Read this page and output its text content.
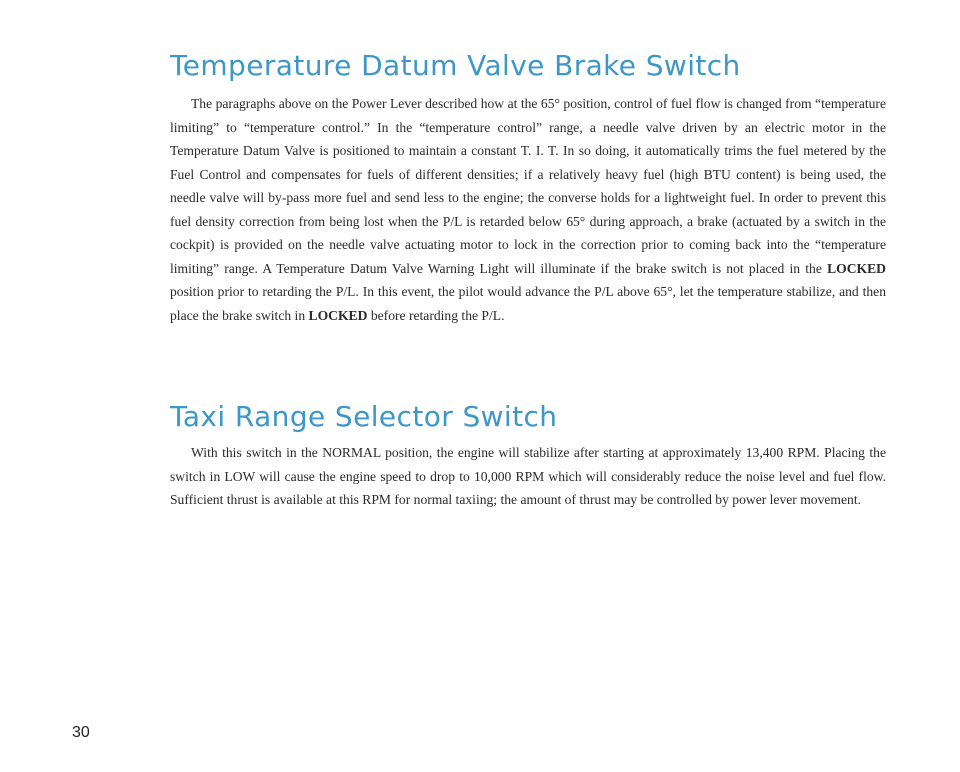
Temperature Datum Valve Brake Switch

The paragraphs above on the Power Lever described how at the 65° position, control of fuel flow is changed from “temperature limiting” to “temperature control.” In the “temperature control” range, a needle valve driven by an electric motor in the Temperature Datum Valve is positioned to maintain a constant T. I. T. In so doing, it automatically trims the fuel metered by the Fuel Control and compensates for fuels of different densities; if a relatively heavy fuel (high BTU content) is being used, the needle valve will by-pass more fuel and send less to the engine; the converse holds for a lightweight fuel. In order to prevent this fuel density correction from being lost when the P/L is retarded below 65° during approach, a brake (actuated by a switch in the cockpit) is provided on the needle valve actuating motor to lock in the correction prior to coming back into the “temperature limiting” range. A Temperature Datum Valve Warning Light will illuminate if the brake switch is not placed in the LOCKED position prior to retarding the P/L. In this event, the pilot would advance the P/L above 65°, let the temperature stabilize, and then place the brake switch in LOCKED before retarding the P/L.

Taxi Range Selector Switch

With this switch in the NORMAL position, the engine will stabilize after starting at approximately 13,400 RPM. Placing the switch in LOW will cause the engine speed to drop to 10,000 RPM which will considerably reduce the noise level and fuel flow. Sufficient thrust is available at this RPM for normal taxiing; the amount of thrust may be controlled by power lever movement.

30
